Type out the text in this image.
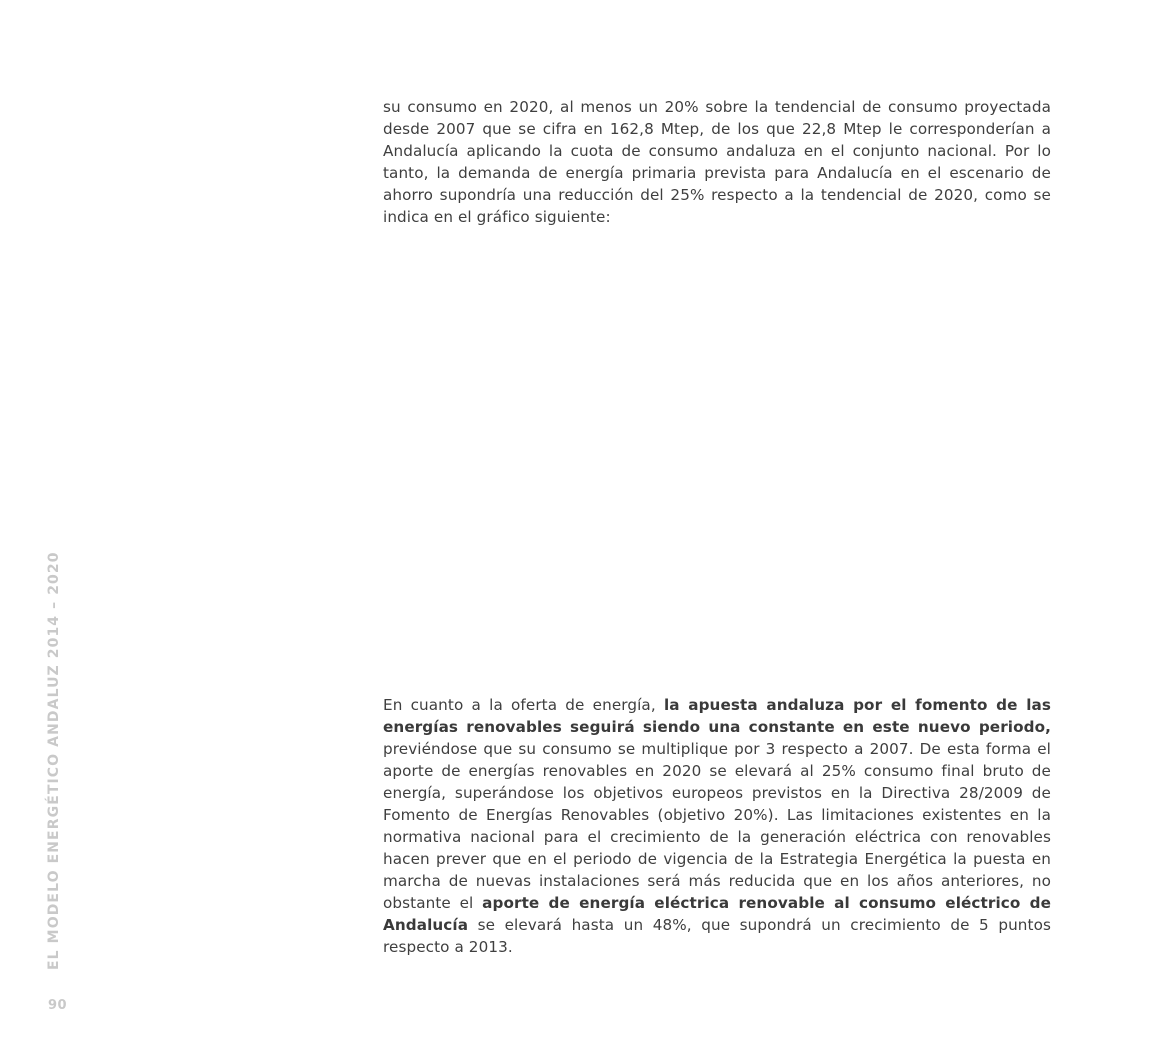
su consumo en 2020, al menos un 20% sobre la tendencial de consumo proyectada desde 2007 que se cifra en 162,8 Mtep, de los que 22,8 Mtep le corresponderían a Andalucía aplicando la cuota de consumo andaluza en el conjunto nacional. Por lo tanto, la demanda de energía primaria prevista para Andalucía en el escenario de ahorro supondría una reducción del 25% respecto a la tendencial de 2020, como se indica en el gráfico siguiente:

En cuanto a la oferta de energía, la apuesta andaluza por el fomento de las energías renovables seguirá siendo una constante en este nuevo periodo, previéndose que su consumo se multiplique por 3 respecto a 2007. De esta forma el aporte de energías renovables en 2020 se elevará al 25% consumo final bruto de energía, superándose los objetivos europeos previstos en la Directiva 28/2009 de Fomento de Energías Renovables (objetivo 20%). Las limitaciones existentes en la normativa nacional para el crecimiento de la generación eléctrica con renovables hacen prever que en el periodo de vigencia de la Estrategia Energética la puesta en marcha de nuevas instalaciones será más reducida que en los años anteriores, no obstante el aporte de energía eléctrica renovable al consumo eléctrico de Andalucía se elevará hasta un 48%, que supondrá un crecimiento de 5 puntos respecto a 2013.

EL MODELO ENERGÉTICO ANDALUZ 2014 – 2020
90
